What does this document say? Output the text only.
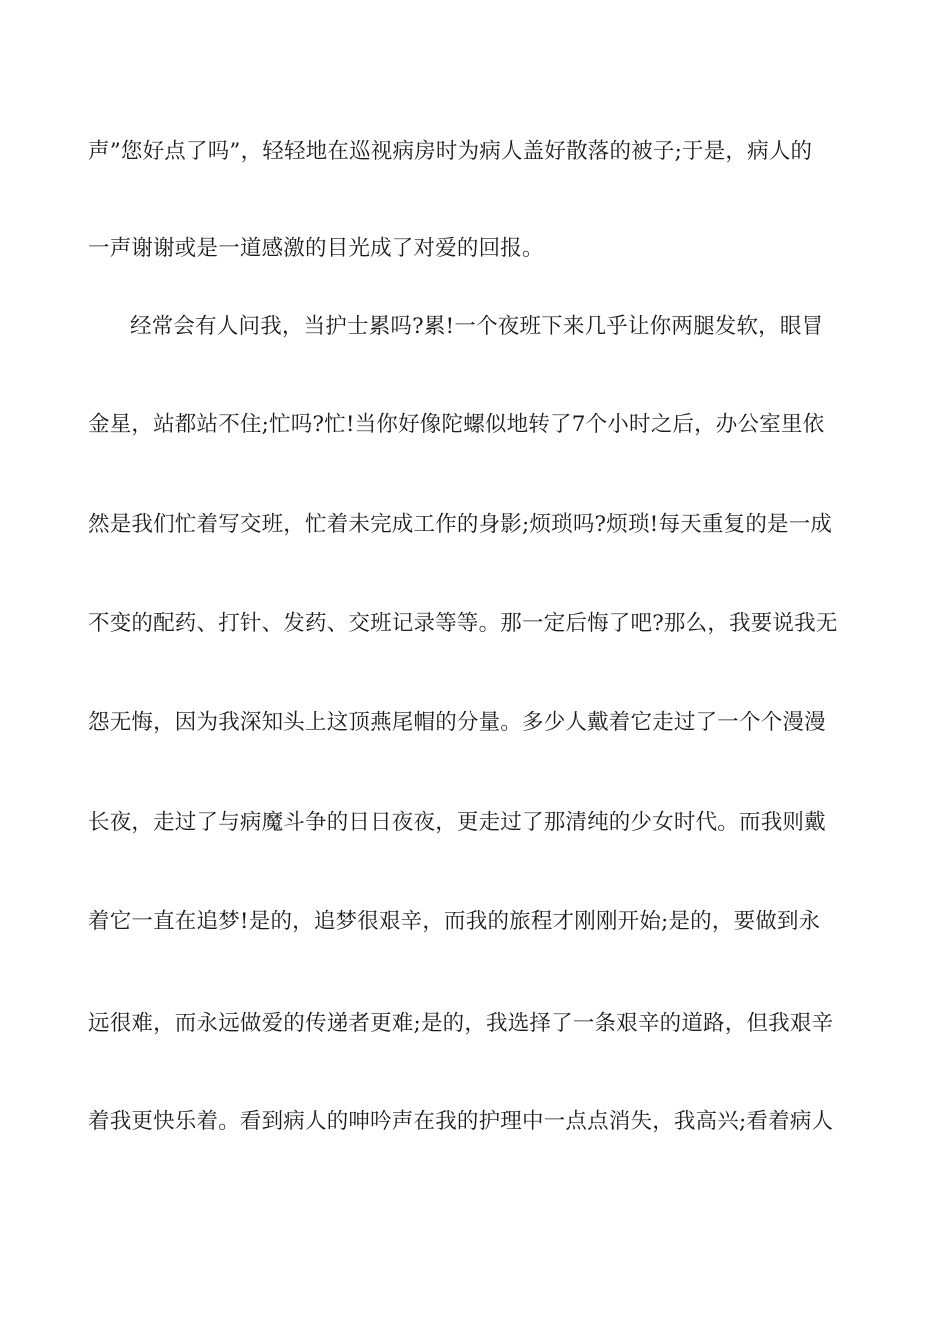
声”您好点了吗”，轻轻地在巡视病房时为病人盖好散落的被子;于是，病人的
一声谢谢或是一道感激的目光成了对爱的回报。
经常会有人问我，当护士累吗?累!一个夜班下来几乎让你两腿发软，眼冒
金星，站都站不住;忙吗?忙!当你好像陀螺似地转了7个小时之后，办公室里依
然是我们忙着写交班，忙着未完成工作的身影;烦琐吗?烦琐!每天重复的是一成
不变的配药、打针、发药、交班记录等等。那一定后悔了吧?那么，我要说我无
怨无悔，因为我深知头上这顶燕尾帽的分量。多少人戴着它走过了一个个漫漫
长夜，走过了与病魔斗争的日日夜夜，更走过了那清纯的少女时代。而我则戴
着它一直在追梦!是的，追梦很艰辛，而我的旅程才刚刚开始;是的，要做到永
远很难，而永远做爱的传递者更难;是的，我选择了一条艰辛的道路，但我艰辛
着我更快乐着。看到病人的呻吟声在我的护理中一点点消失，我高兴;看着病人
